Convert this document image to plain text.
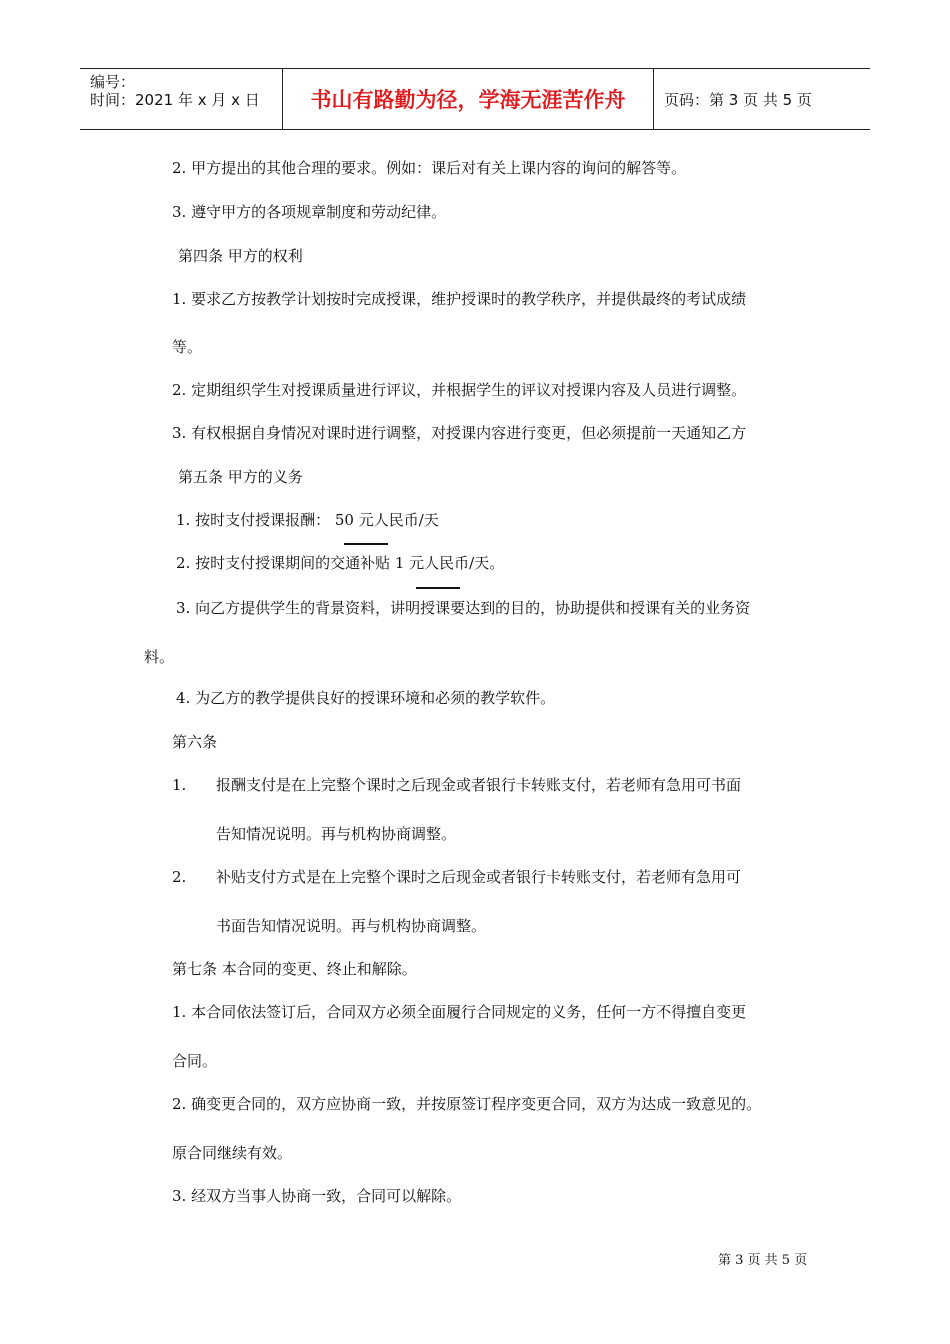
编号：
时间：2021 年 x 月 x 日 书山有路勤为径，学海无涯苦作舟	页码：第 3 页 共 5 页
2. 甲方提出的其他合理的要求。例如：课后对有关上课内容的询问的解答等。
3. 遵守甲方的各项规章制度和劳动纪律。
第四条 甲方的权利
1. 要求乙方按教学计划按时完成授课，维护授课时的教学秩序，并提供最终的考试成绩
等。
2. 定期组织学生对授课质量进行评议，并根据学生的评议对授课内容及人员进行调整。
3. 有权根据自身情况对课时进行调整，对授课内容进行变更，但必须提前一天通知乙方
第五条 甲方的义务
1. 按时支付授课报酬： 50 元人民币/天
2. 按时支付授课期间的交通补贴 1 元人民币/天。
3. 向乙方提供学生的背景资料，讲明授课要达到的目的，协助提供和授课有关的业务资
料。
4. 为乙方的教学提供良好的授课环境和必须的教学软件。
第六条
1. 报酬支付是在上完整个课时之后现金或者银行卡转账支付，若老师有急用可书面
告知情况说明。再与机构协商调整。
2. 补贴支付方式是在上完整个课时之后现金或者银行卡转账支付，若老师有急用可
书面告知情况说明。再与机构协商调整。
第七条 本合同的变更、终止和解除。
1. 本合同依法签订后，合同双方必须全面履行合同规定的义务，任何一方不得擅自变更
合同。
2. 确变更合同的，双方应协商一致，并按原签订程序变更合同，双方为达成一致意见的。
原合同继续有效。
3. 经双方当事人协商一致，合同可以解除。
第 3 页 共 5 页
